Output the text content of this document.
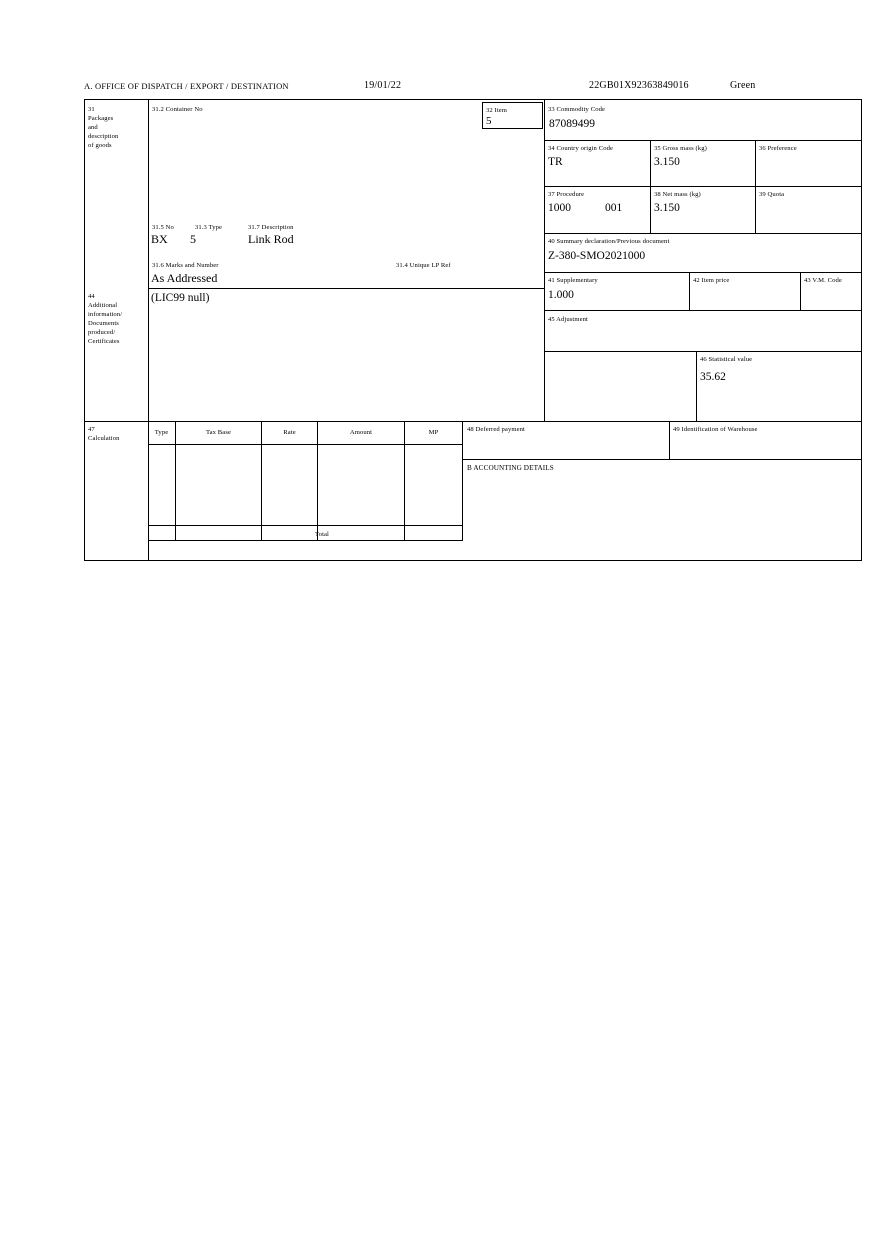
A. OFFICE OF DISPATCH / EXPORT / DESTINATION	19/01/22	22GB01X92363849016	Green
31
Packages
and
description
of goods
31.2 Container No
31.5 No	31.3 Type	31.7 Description
BX 5	Link Rod
31.6 Marks and Number	31.4 Unique LP Ref
As Addressed
32 Item
5
44
Additional
information/
Documents
produced/
Certificates
(LIC99 null)
33 Commodity Code
87089499
34 Country origin Code
TR
35 Gross mass (kg)
3.150
36 Preference
37 Procedure
1000	001
38 Net mass (kg)
3.150
39 Quota
40 Summary declaration/Previous document
Z-380-SMO2021000
41 Supplementary
1.000
42 Item price	43 V.M. Code
45 Adjustment
46 Statistical value
35.62
47
Calculation
Type	Tax Base	Rate	Amount	MP
Total
48 Deferred payment	49 Identification of Warehouse
B ACCOUNTING DETAILS
